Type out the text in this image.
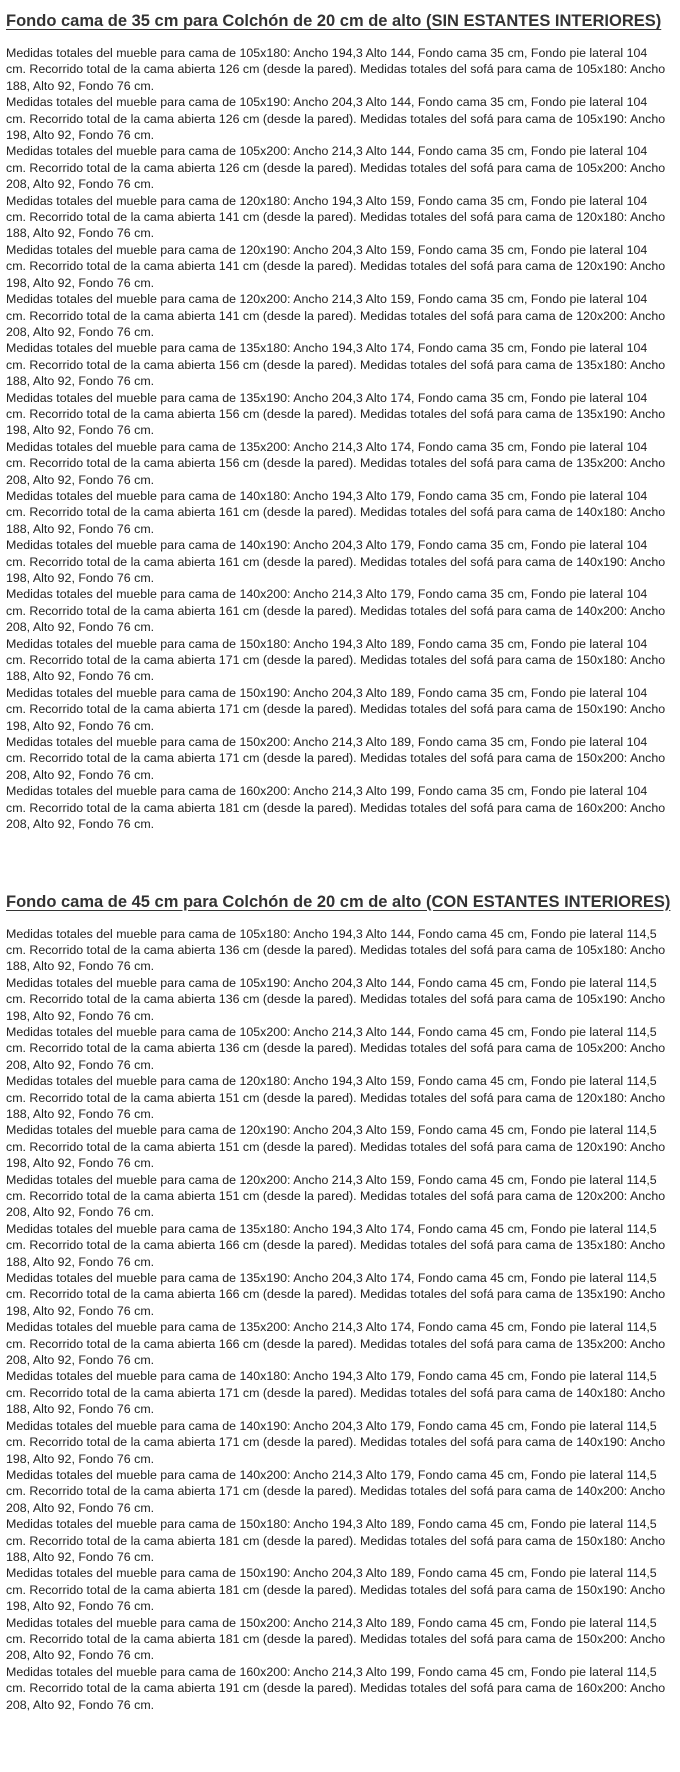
Fondo cama de 35 cm para Colchón de 20 cm de alto (SIN ESTANTES INTERIORES)

Medidas totales del mueble para cama de 105x180: Ancho 194,3 Alto 144, Fondo cama 35 cm, Fondo pie lateral 104 cm. Recorrido total de la cama abierta 126 cm (desde la pared). Medidas totales del sofá para cama de 105x180: Ancho 188, Alto 92, Fondo 76 cm.

Medidas totales del mueble para cama de 105x190: Ancho 204,3 Alto 144, Fondo cama 35 cm, Fondo pie lateral 104 cm. Recorrido total de la cama abierta 126 cm (desde la pared). Medidas totales del sofá para cama de 105x190: Ancho 198, Alto 92, Fondo 76 cm.

Medidas totales del mueble para cama de 105x200: Ancho 214,3 Alto 144, Fondo cama 35 cm, Fondo pie lateral 104 cm. Recorrido total de la cama abierta 126 cm (desde la pared). Medidas totales del sofá para cama de 105x200: Ancho 208, Alto 92, Fondo 76 cm.

Medidas totales del mueble para cama de 120x180: Ancho 194,3 Alto 159, Fondo cama 35 cm, Fondo pie lateral 104 cm. Recorrido total de la cama abierta 141 cm (desde la pared). Medidas totales del sofá para cama de 120x180: Ancho 188, Alto 92, Fondo 76 cm.

Medidas totales del mueble para cama de 120x190: Ancho 204,3 Alto 159, Fondo cama 35 cm, Fondo pie lateral 104 cm. Recorrido total de la cama abierta 141 cm (desde la pared). Medidas totales del sofá para cama de 120x190: Ancho 198, Alto 92, Fondo 76 cm.

Medidas totales del mueble para cama de 120x200: Ancho 214,3 Alto 159, Fondo cama 35 cm, Fondo pie lateral 104 cm. Recorrido total de la cama abierta 141 cm (desde la pared). Medidas totales del sofá para cama de 120x200: Ancho 208, Alto 92, Fondo 76 cm.

Medidas totales del mueble para cama de 135x180: Ancho 194,3 Alto 174, Fondo cama 35 cm, Fondo pie lateral 104 cm. Recorrido total de la cama abierta 156 cm (desde la pared). Medidas totales del sofá para cama de 135x180: Ancho 188, Alto 92, Fondo 76 cm.

Medidas totales del mueble para cama de 135x190: Ancho 204,3 Alto 174, Fondo cama 35 cm, Fondo pie lateral 104 cm. Recorrido total de la cama abierta 156 cm (desde la pared). Medidas totales del sofá para cama de 135x190: Ancho 198, Alto 92, Fondo 76 cm.

Medidas totales del mueble para cama de 135x200: Ancho 214,3 Alto 174, Fondo cama 35 cm, Fondo pie lateral 104 cm. Recorrido total de la cama abierta 156 cm (desde la pared). Medidas totales del sofá para cama de 135x200: Ancho 208, Alto 92, Fondo 76 cm.

Medidas totales del mueble para cama de 140x180: Ancho 194,3 Alto 179, Fondo cama 35 cm, Fondo pie lateral 104 cm. Recorrido total de la cama abierta 161 cm (desde la pared). Medidas totales del sofá para cama de 140x180: Ancho 188, Alto 92, Fondo 76 cm.

Medidas totales del mueble para cama de 140x190: Ancho 204,3 Alto 179, Fondo cama 35 cm, Fondo pie lateral 104 cm. Recorrido total de la cama abierta 161 cm (desde la pared). Medidas totales del sofá para cama de 140x190: Ancho 198, Alto 92, Fondo 76 cm.

Medidas totales del mueble para cama de 140x200: Ancho 214,3 Alto 179, Fondo cama 35 cm, Fondo pie lateral 104 cm. Recorrido total de la cama abierta 161 cm (desde la pared). Medidas totales del sofá para cama de 140x200: Ancho 208, Alto 92, Fondo 76 cm.

Medidas totales del mueble para cama de 150x180: Ancho 194,3 Alto 189, Fondo cama 35 cm, Fondo pie lateral 104 cm. Recorrido total de la cama abierta 171 cm (desde la pared). Medidas totales del sofá para cama de 150x180: Ancho 188, Alto 92, Fondo 76 cm.

Medidas totales del mueble para cama de 150x190: Ancho 204,3 Alto 189, Fondo cama 35 cm, Fondo pie lateral 104 cm. Recorrido total de la cama abierta 171 cm (desde la pared). Medidas totales del sofá para cama de 150x190: Ancho 198, Alto 92, Fondo 76 cm.

Medidas totales del mueble para cama de 150x200: Ancho 214,3 Alto 189, Fondo cama 35 cm, Fondo pie lateral 104 cm. Recorrido total de la cama abierta 171 cm (desde la pared). Medidas totales del sofá para cama de 150x200: Ancho 208, Alto 92, Fondo 76 cm.

Medidas totales del mueble para cama de 160x200: Ancho 214,3 Alto 199, Fondo cama 35 cm, Fondo pie lateral 104 cm. Recorrido total de la cama abierta 181 cm (desde la pared). Medidas totales del sofá para cama de 160x200: Ancho 208, Alto 92, Fondo 76 cm.

Fondo cama de 45 cm para Colchón de 20 cm de alto (CON ESTANTES INTERIORES)

Medidas totales del mueble para cama de 105x180: Ancho 194,3 Alto 144, Fondo cama 45 cm, Fondo pie lateral 114,5 cm. Recorrido total de la cama abierta 136 cm (desde la pared). Medidas totales del sofá para cama de 105x180: Ancho 188, Alto 92, Fondo 76 cm.

Medidas totales del mueble para cama de 105x190: Ancho 204,3 Alto 144, Fondo cama 45 cm, Fondo pie lateral 114,5 cm. Recorrido total de la cama abierta 136 cm (desde la pared). Medidas totales del sofá para cama de 105x190: Ancho 198, Alto 92, Fondo 76 cm.

Medidas totales del mueble para cama de 105x200: Ancho 214,3 Alto 144, Fondo cama 45 cm, Fondo pie lateral 114,5 cm. Recorrido total de la cama abierta 136 cm (desde la pared). Medidas totales del sofá para cama de 105x200: Ancho 208, Alto 92, Fondo 76 cm.

Medidas totales del mueble para cama de 120x180: Ancho 194,3 Alto 159, Fondo cama 45 cm, Fondo pie lateral 114,5 cm. Recorrido total de la cama abierta 151 cm (desde la pared). Medidas totales del sofá para cama de 120x180: Ancho 188, Alto 92, Fondo 76 cm.

Medidas totales del mueble para cama de 120x190: Ancho 204,3 Alto 159, Fondo cama 45 cm, Fondo pie lateral 114,5 cm. Recorrido total de la cama abierta 151 cm (desde la pared). Medidas totales del sofá para cama de 120x190: Ancho 198, Alto 92, Fondo 76 cm.

Medidas totales del mueble para cama de 120x200: Ancho 214,3 Alto 159, Fondo cama 45 cm, Fondo pie lateral 114,5 cm. Recorrido total de la cama abierta 151 cm (desde la pared). Medidas totales del sofá para cama de 120x200: Ancho 208, Alto 92, Fondo 76 cm.

Medidas totales del mueble para cama de 135x180: Ancho 194,3 Alto 174, Fondo cama 45 cm, Fondo pie lateral 114,5 cm. Recorrido total de la cama abierta 166 cm (desde la pared). Medidas totales del sofá para cama de 135x180: Ancho 188, Alto 92, Fondo 76 cm.

Medidas totales del mueble para cama de 135x190: Ancho 204,3 Alto 174, Fondo cama 45 cm, Fondo pie lateral 114,5 cm. Recorrido total de la cama abierta 166 cm (desde la pared). Medidas totales del sofá para cama de 135x190: Ancho 198, Alto 92, Fondo 76 cm.

Medidas totales del mueble para cama de 135x200: Ancho 214,3 Alto 174, Fondo cama 45 cm, Fondo pie lateral 114,5 cm. Recorrido total de la cama abierta 166 cm (desde la pared). Medidas totales del sofá para cama de 135x200: Ancho 208, Alto 92, Fondo 76 cm.

Medidas totales del mueble para cama de 140x180: Ancho 194,3 Alto 179, Fondo cama 45 cm, Fondo pie lateral 114,5 cm. Recorrido total de la cama abierta 171 cm (desde la pared). Medidas totales del sofá para cama de 140x180: Ancho 188, Alto 92, Fondo 76 cm.

Medidas totales del mueble para cama de 140x190: Ancho 204,3 Alto 179, Fondo cama 45 cm, Fondo pie lateral 114,5 cm. Recorrido total de la cama abierta 171 cm (desde la pared). Medidas totales del sofá para cama de 140x190: Ancho 198, Alto 92, Fondo 76 cm.

Medidas totales del mueble para cama de 140x200: Ancho 214,3 Alto 179, Fondo cama 45 cm, Fondo pie lateral 114,5 cm. Recorrido total de la cama abierta 171 cm (desde la pared). Medidas totales del sofá para cama de 140x200: Ancho 208, Alto 92, Fondo 76 cm.

Medidas totales del mueble para cama de 150x180: Ancho 194,3 Alto 189, Fondo cama 45 cm, Fondo pie lateral 114,5 cm. Recorrido total de la cama abierta 181 cm (desde la pared). Medidas totales del sofá para cama de 150x180: Ancho 188, Alto 92, Fondo 76 cm.

Medidas totales del mueble para cama de 150x190: Ancho 204,3 Alto 189, Fondo cama 45 cm, Fondo pie lateral 114,5 cm. Recorrido total de la cama abierta 181 cm (desde la pared). Medidas totales del sofá para cama de 150x190: Ancho 198, Alto 92, Fondo 76 cm.

Medidas totales del mueble para cama de 150x200: Ancho 214,3 Alto 189, Fondo cama 45 cm, Fondo pie lateral 114,5 cm. Recorrido total de la cama abierta 181 cm (desde la pared). Medidas totales del sofá para cama de 150x200: Ancho 208, Alto 92, Fondo 76 cm.

Medidas totales del mueble para cama de 160x200: Ancho 214,3 Alto 199, Fondo cama 45 cm, Fondo pie lateral 114,5 cm. Recorrido total de la cama abierta 191 cm (desde la pared). Medidas totales del sofá para cama de 160x200: Ancho 208, Alto 92, Fondo 76 cm.
